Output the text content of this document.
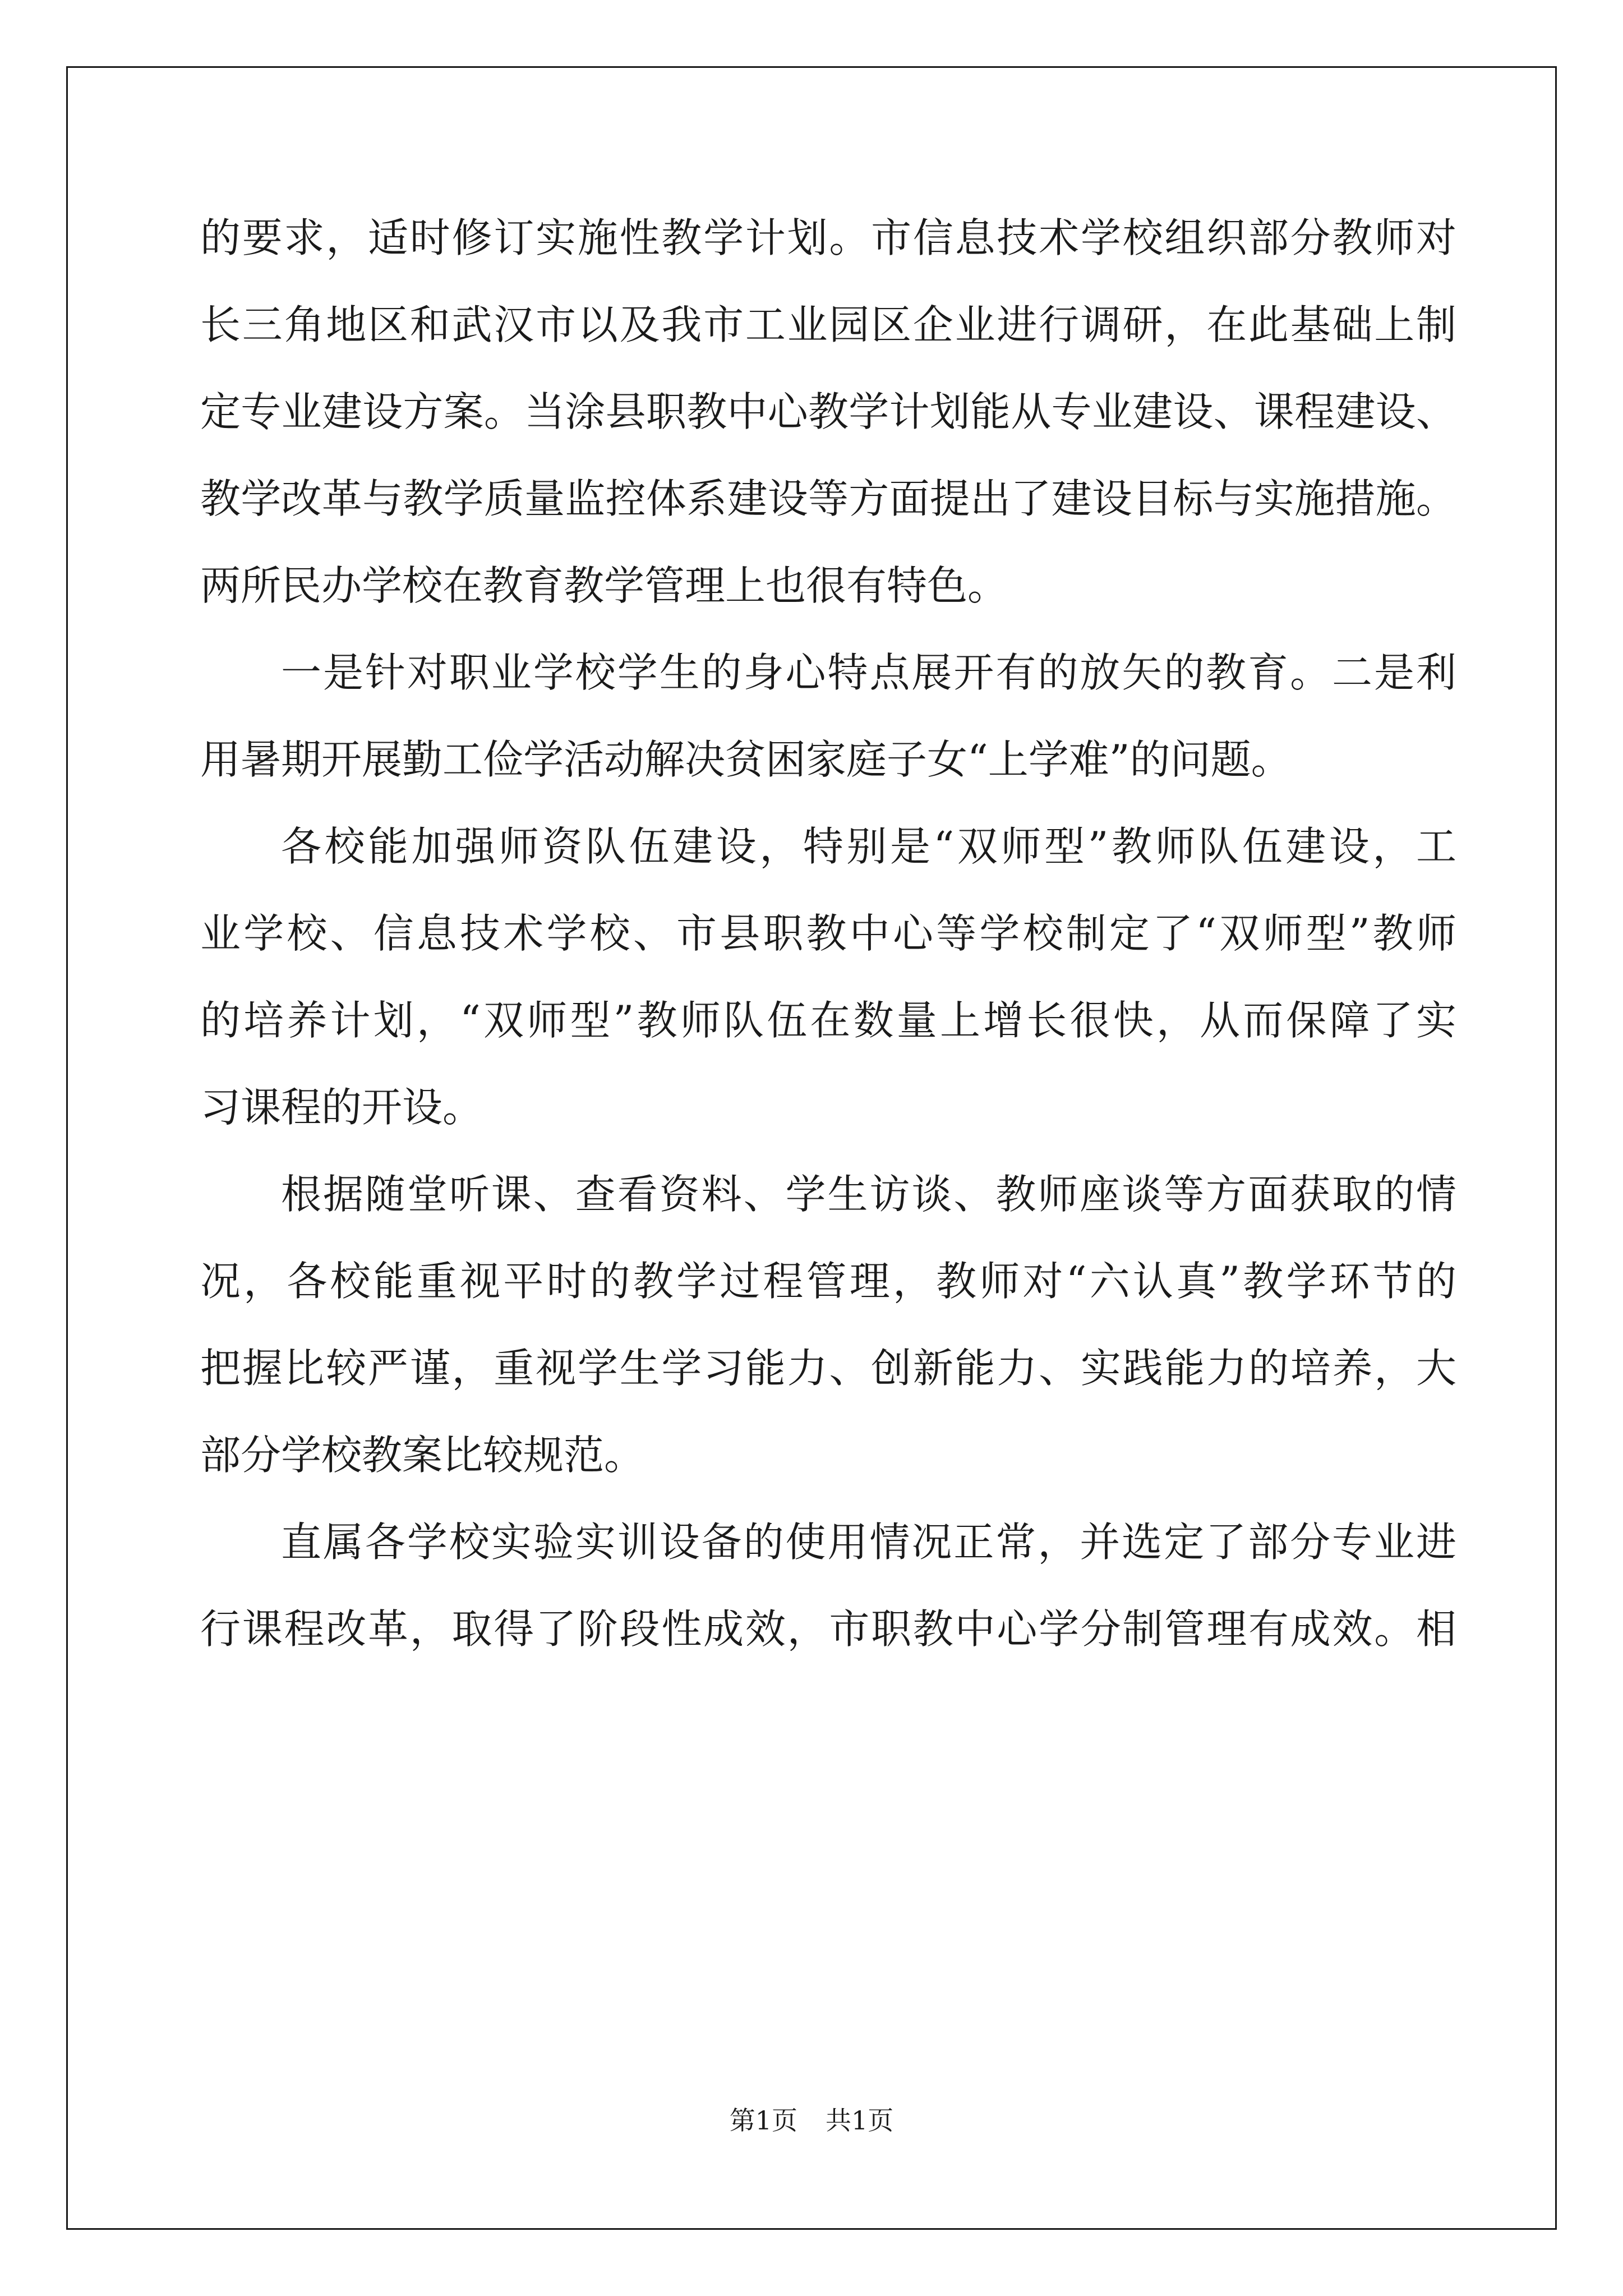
的要求，适时修订实施性教学计划。市信息技术学校组织部分教师对
长三角地区和武汉市以及我市工业园区企业进行调研，在此基础上制
定专业建设方案。当涂县职教中心教学计划能从专业建设、课程建设、
教学改革与教学质量监控体系建设等方面提出了建设目标与实施措施。
两所民办学校在教育教学管理上也很有特色。
一是针对职业学校学生的身心特点展开有的放矢的教育。二是利
用暑期开展勤工俭学活动解决贫困家庭子女“上学难”的问题。
各校能加强师资队伍建设，特别是“双师型”教师队伍建设，工
业学校、信息技术学校、市县职教中心等学校制定了“双师型”教师
的培养计划，“双师型”教师队伍在数量上增长很快，从而保障了实
习课程的开设。
根据随堂听课、查看资料、学生访谈、教师座谈等方面获取的情
况，各校能重视平时的教学过程管理，教师对“六认真”教学环节的
把握比较严谨，重视学生学习能力、创新能力、实践能力的培养，大
部分学校教案比较规范。
直属各学校实验实训设备的使用情况正常，并选定了部分专业进
行课程改革，取得了阶段性成效，市职教中心学分制管理有成效。相
第1页 共1页
